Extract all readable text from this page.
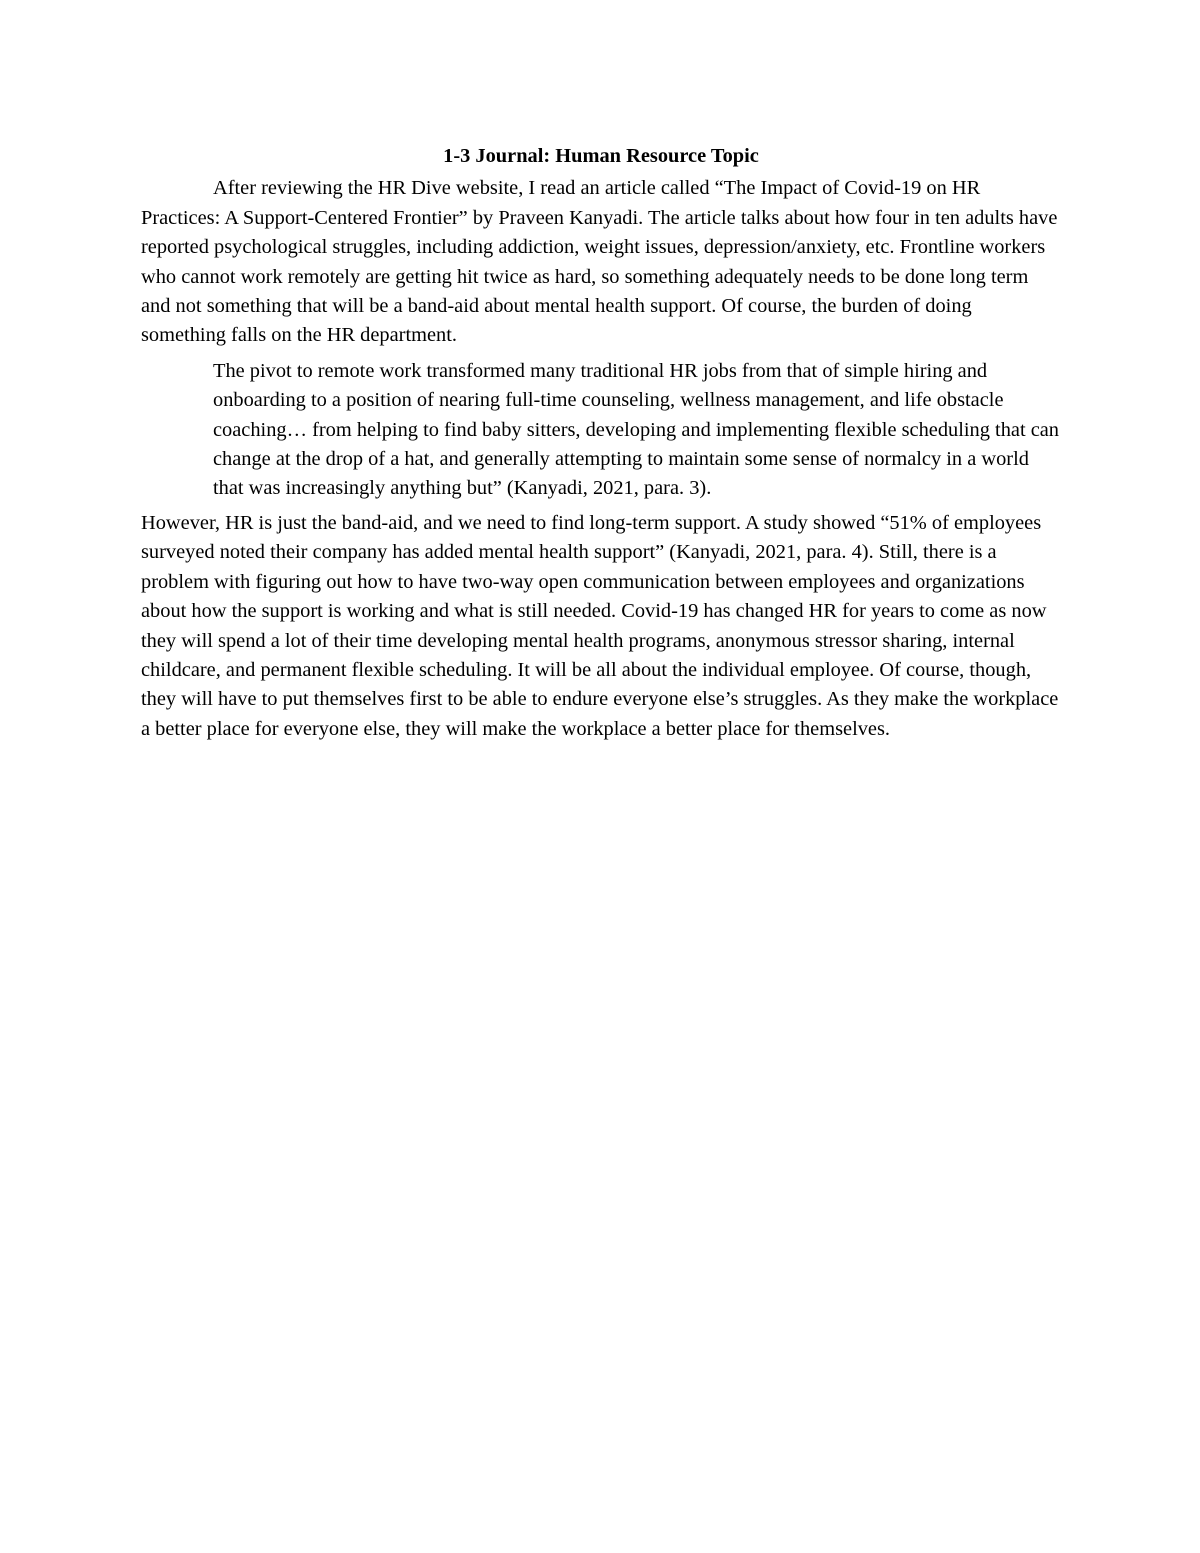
1-3 Journal: Human Resource Topic

After reviewing the HR Dive website, I read an article called “The Impact of Covid-19 on HR Practices: A Support-Centered Frontier” by Praveen Kanyadi. The article talks about how four in ten adults have reported psychological struggles, including addiction, weight issues, depression/anxiety, etc. Frontline workers who cannot work remotely are getting hit twice as hard, so something adequately needs to be done long term and not something that will be a band-aid about mental health support. Of course, the burden of doing something falls on the HR department.

The pivot to remote work transformed many traditional HR jobs from that of simple hiring and onboarding to a position of nearing full-time counseling, wellness management, and life obstacle coaching… from helping to find baby sitters, developing and implementing flexible scheduling that can change at the drop of a hat, and generally attempting to maintain some sense of normalcy in a world that was increasingly anything but” (Kanyadi, 2021, para. 3).

However, HR is just the band-aid, and we need to find long-term support. A study showed “51% of employees surveyed noted their company has added mental health support” (Kanyadi, 2021, para. 4). Still, there is a problem with figuring out how to have two-way open communication between employees and organizations about how the support is working and what is still needed. Covid-19 has changed HR for years to come as now they will spend a lot of their time developing mental health programs, anonymous stressor sharing, internal childcare, and permanent flexible scheduling. It will be all about the individual employee. Of course, though, they will have to put themselves first to be able to endure everyone else’s struggles. As they make the workplace a better place for everyone else, they will make the workplace a better place for themselves.
